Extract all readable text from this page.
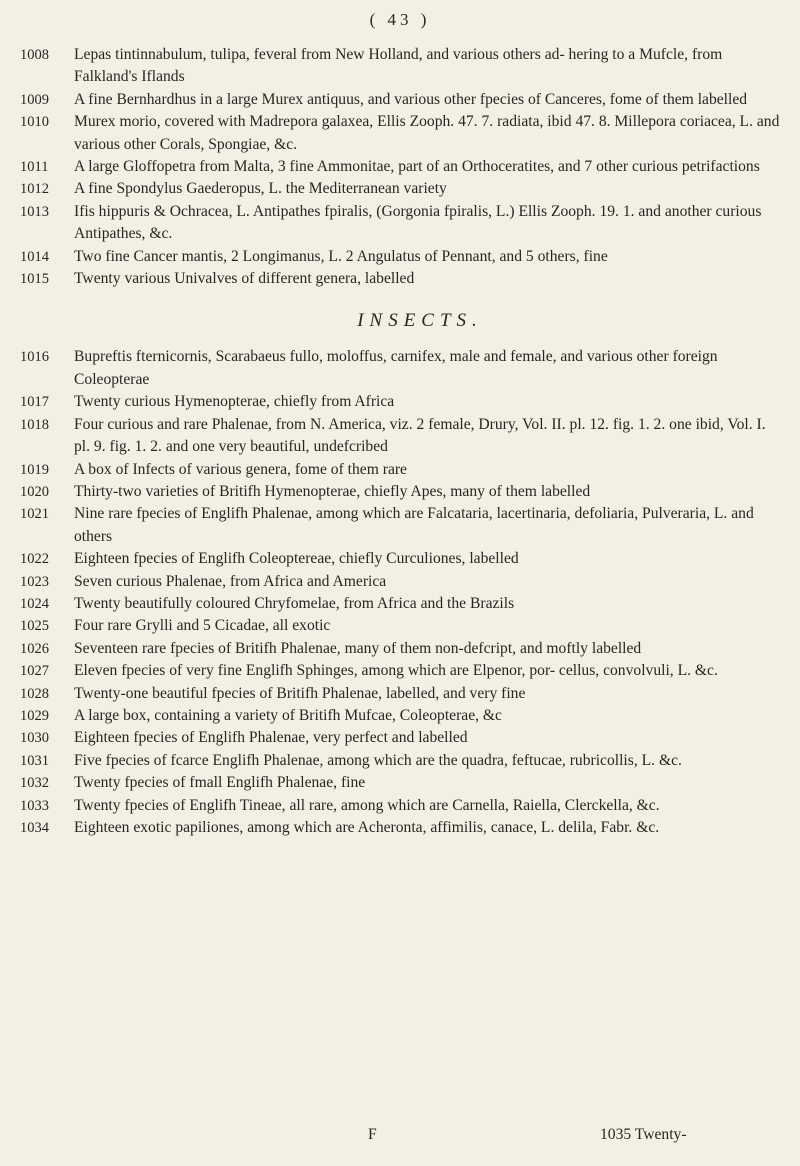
( 43 )
1008	Lepas tintinnabulum, tulipa, feveral from New Holland, and various others ad- hering to a Mufcle, from Falkland's Iflands
1009	A fine Bernhardhus in a large Murex antiquus, and various other fpecies of Canceres, fome of them labelled
1010	Murex morio, covered with Madrepora galaxea, Ellis Zooph. 47. 7. radiata, ibid 47. 8. Millepora coriacea, L. and various other Corals, Spongiae, &c.
1011	A large Gloffopetra from Malta, 3 fine Ammonitae, part of an Orthoceratites, and 7 other curious petrifactions
1012	A fine Spondylus Gaederopus, L. the Mediterranean variety
1013	Ifis hippuris & Ochracea, L. Antipathes fpiralis, (Gorgonia fpiralis, L.) Ellis Zooph. 19. 1. and another curious Antipathes, &c.
1014	Two fine Cancer mantis, 2 Longimanus, L. 2 Angulatus of Pennant, and 5 others, fine
1015	Twenty various Univalves of different genera, labelled
INSECTS.
1016	Bupreftis fternicornis, Scarabaeus fullo, moloffus, carnifex, male and female, and various other foreign Coleopterae
1017	Twenty curious Hymenopterae, chiefly from Africa
1018	Four curious and rare Phalenae, from N. America, viz. 2 female, Drury, Vol. II. pl. 12. fig. 1. 2. one ibid, Vol. I. pl. 9. fig. 1. 2. and one very beautiful, undefcribed
1019	A box of Infects of various genera, fome of them rare
1020	Thirty-two varieties of Britifh Hymenopterae, chiefly Apes, many of them labelled
1021	Nine rare fpecies of Englifh Phalenae, among which are Falcataria, lacertinaria, defoliaria, Pulveraria, L. and others
1022	Eighteen fpecies of Englifh Coleoptereae, chiefly Curculiones, labelled
1023	Seven curious Phalenae, from Africa and America
1024	Twenty beautifully coloured Chryfomelae, from Africa and the Brazils
1025	Four rare Grylli and 5 Cicadae, all exotic
1026	Seventeen rare fpecies of Britifh Phalenae, many of them non-defcript, and moftly labelled
1027	Eleven fpecies of very fine Englifh Sphinges, among which are Elpenor, por- cellus, convolvuli, L. &c.
1028	Twenty-one beautiful fpecies of Britifh Phalenae, labelled, and very fine
1029	A large box, containing a variety of Britifh Mufcae, Coleopterae, &c
1030	Eighteen fpecies of Englifh Phalenae, very perfect and labelled
1031	Five fpecies of fcarce Englifh Phalenae, among which are the quadra, feftucae, rubricollis, L. &c.
1032	Twenty fpecies of fmall Englifh Phalenae, fine
1033	Twenty fpecies of Englifh Tineae, all rare, among which are Carnella, Raiella, Clerckella, &c.
1034	Eighteen exotic papiliones, among which are Acheronta, affimilis, canace, L. delila, Fabr. &c.
F	1035 Twenty-
